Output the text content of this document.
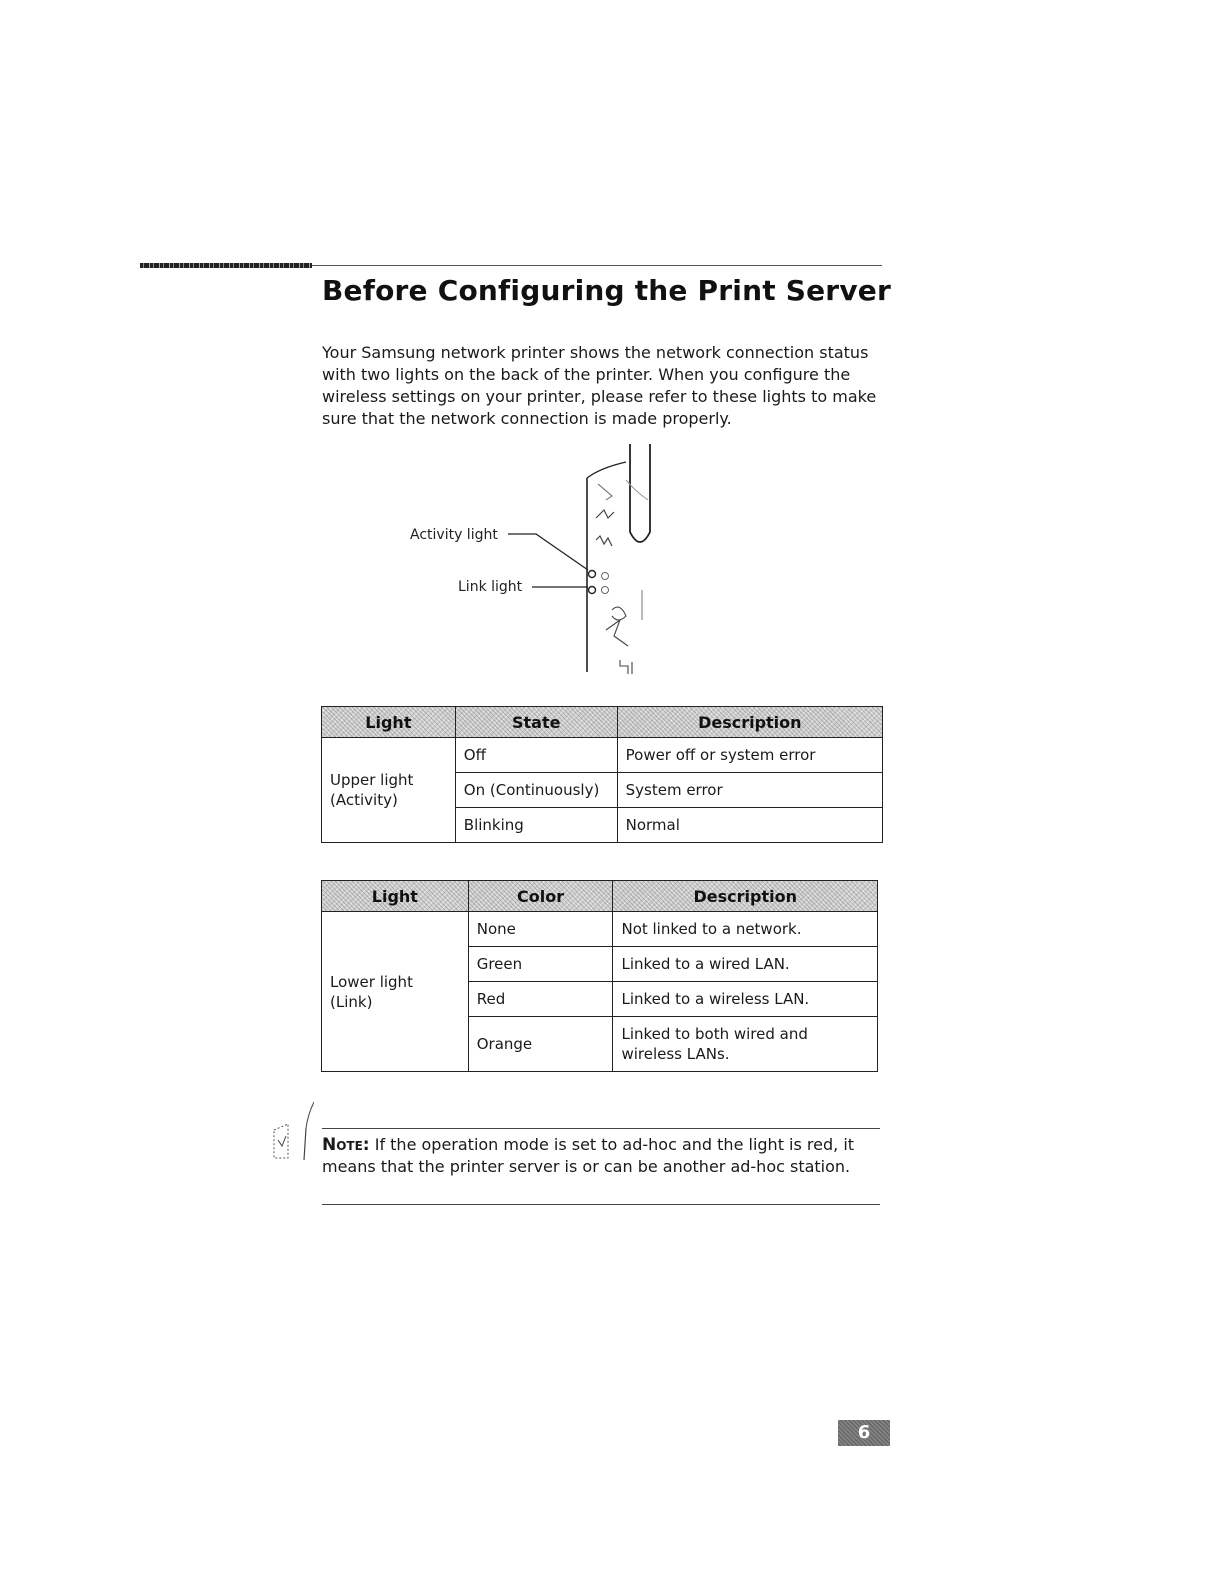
Before Configuring the Print Server

Your Samsung network printer shows the network connection status with two lights on the back of the printer. When you configure the wireless settings on your printer, please refer to these lights to make sure that the network connection is made properly.

Activity light
Link light
Light	State	Description
Upper light
(Activity)	Off	Power off or system error
	On (Continuously)	System error
	Blinking	Normal
Light	Color	Description
Lower light
(Link)	None	Not linked to a network.
	Green	Linked to a wired LAN.
	Red	Linked to a wireless LAN.
	Orange	Linked to both wired and
wireless LANs.
Note: If the operation mode is set to ad-hoc and the light is red, it means that the printer server is or can be another ad-hoc station.
6
